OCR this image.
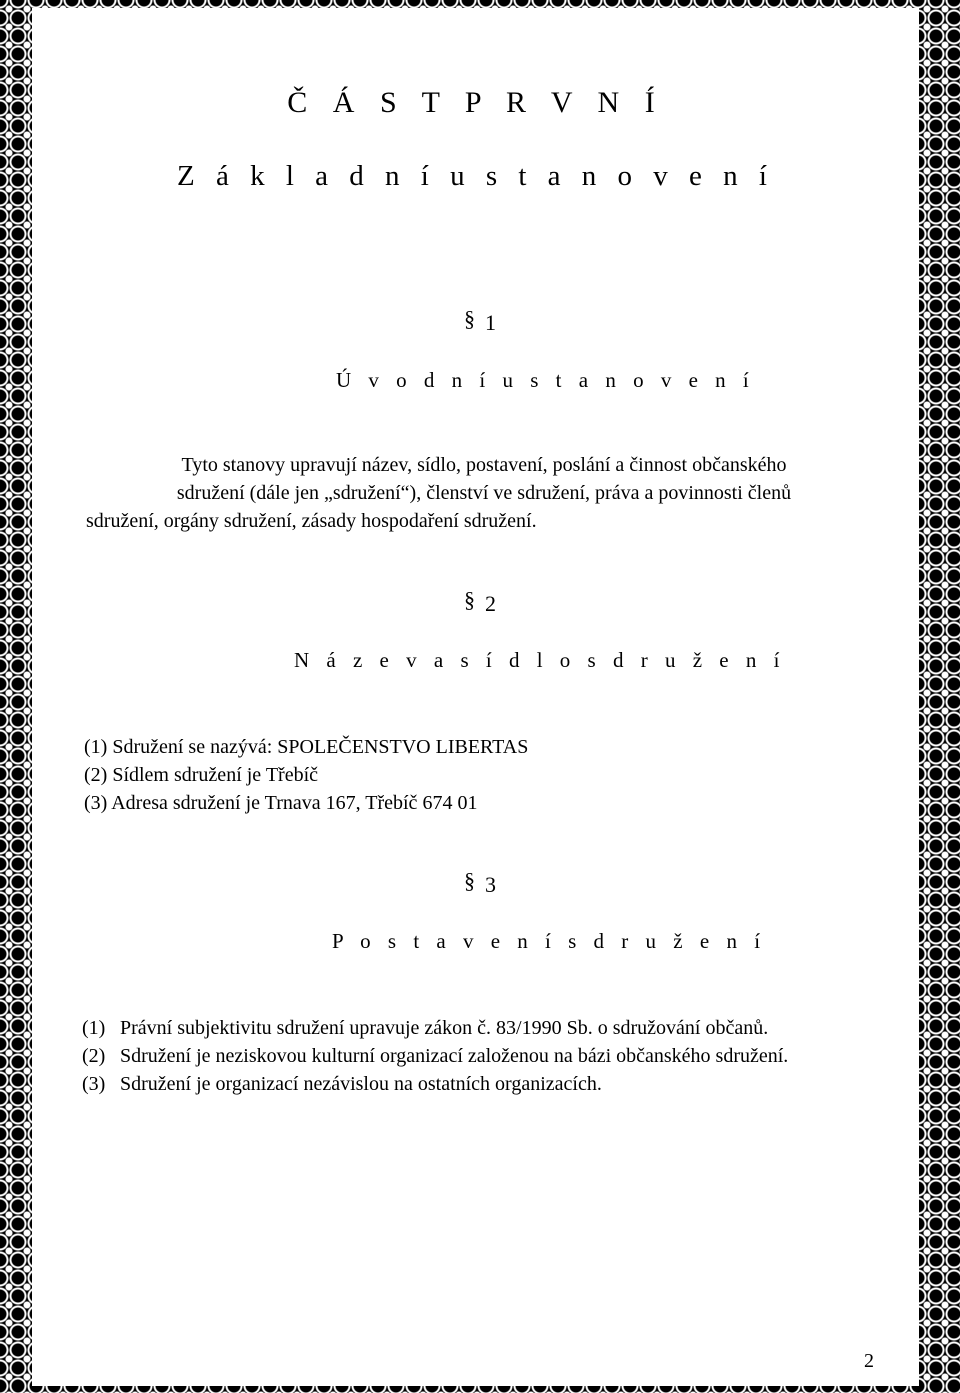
Č Á S T P R V N Í
Z á k l a d n í u s t a n o v e n í
§ 1
Ú v o d n í u s t a n o v e n í
Tyto stanovy upravují název, sídlo, postavení, poslání a činnost občanského
sdružení (dále jen „sdružení“), členství ve sdružení, práva a povinnosti členů
sdružení, orgány sdružení, zásady hospodaření sdružení.
§ 2
N á z e v a s í d l o s d r u ž e n í
(1) Sdružení se nazývá: SPOLEČENSTVO LIBERTAS
(2) Sídlem sdružení je Třebíč
(3) Adresa sdružení je Trnava 167, Třebíč 674 01
§ 3
P o s t a v e n í s d r u ž e n í
(1) Právní subjektivitu sdružení upravuje zákon č. 83/1990 Sb. o sdružování občanů.
(2) Sdružení je neziskovou kulturní organizací založenou na bázi občanského sdružení.
(3) Sdružení je organizací nezávislou na ostatních organizacích.
2
